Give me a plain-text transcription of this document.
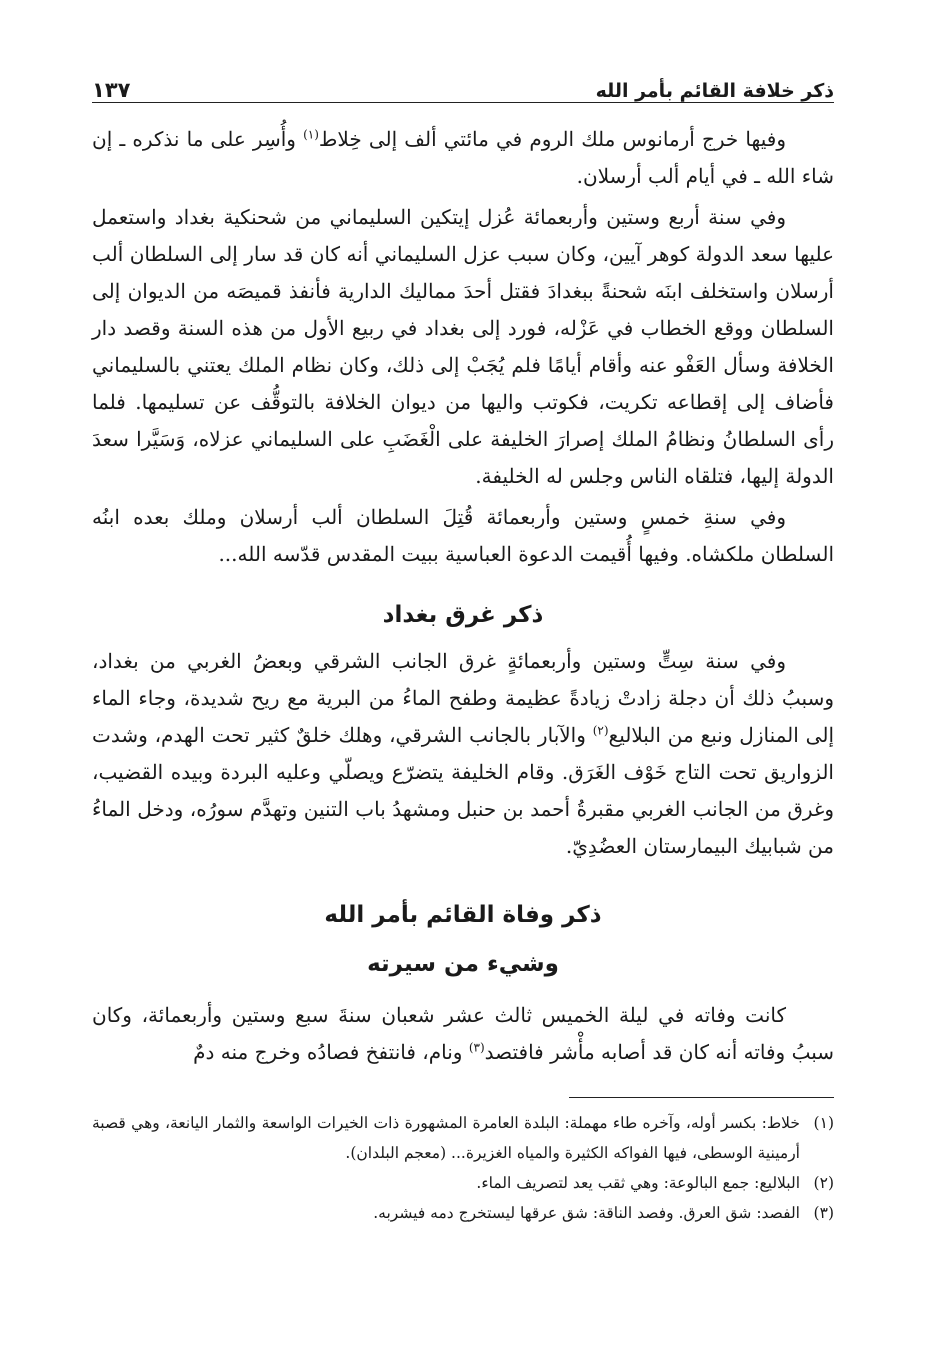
ذكر خلافة القائم بأمر الله
١٣٧

وفيها خرج أرمانوس ملك الروم في مائتي ألف إلى خِلاط$^{(١)}$ وأُسِر على ما نذكره ـ إن شاء الله ـ في أيام ألب أرسلان.

وفي سنة أربع وستين وأربعمائة عُزل إيتكين السليماني من شحنكية بغداد واستعمل عليها سعد الدولة كوهر آيين، وكان سبب عزل السليماني أنه كان قد سار إلى السلطان ألب أرسلان واستخلف ابنَه شحنةً ببغدادَ فقتل أحدَ مماليك الدارية فأنفذ قميصَه من الديوان إلى السلطان ووقع الخطاب في عَزْله، فورد إلى بغداد في ربيع الأول من هذه السنة وقصد دار الخلافة وسأل العَفْو عنه وأقام أيامًا فلم يُجَبْ إلى ذلك، وكان نظام الملك يعتني بالسليماني فأضاف إلى إقطاعه تكريت، فكوتب واليها من ديوان الخلافة بالتوقُّف عن تسليمها. فلما رأى السلطانُ ونظامُ الملك إصرارَ الخليفة على الْغَضَبِ على السليماني عزلاه، وَسَيَّرا سعدَ الدولة إليها، فتلقاه الناس وجلس له الخليفة.

وفي سنةِ خمسٍ وستين وأربعمائة قُتِلَ السلطان ألب أرسلان وملك بعده ابنُه السلطان ملكشاه. وفيها أُقيمت الدعوة العباسية ببيت المقدس قدّسه الله...

ذكر غرق بغداد

وفي سنة سِتٍّ وستين وأربعمائةٍ غرق الجانب الشرقي وبعضُ الغربي من بغداد، وسببُ ذلك أن دجلة زادتْ زيادةً عظيمة وطفح الماءُ من البرية مع ريح شديدة، وجاء الماء إلى المنازل ونبع من البلاليع$^{(٢)}$ والآبار بالجانب الشرقي، وهلك خلقٌ كثير تحت الهدم، وشدت الزواريق تحت التاج خَوْف الغَرَق. وقام الخليفة يتضرّع ويصلّي وعليه البردة وبيده القضيب، وغرق من الجانب الغربي مقبرةُ أحمد بن حنبل ومشهدُ باب التنين وتهدَّم سورُه، ودخل الماءُ من شبابيك البيمارستان العضُدِيّ.

ذكر وفاة القائم بأمر الله
وشيء من سيرته

كانت وفاته في ليلة الخميس ثالث عشر شعبان سنةَ سبع وستين وأربعمائة، وكان سببُ وفاته أنه كان قد أصابه مأْشر فافتصد$^{(٣)}$ ونام، فانتفخ فصادُه وخرج منه دمٌ

(١)
خلاط: بكسر أوله، وآخره طاء مهملة: البلدة العامرة المشهورة ذات الخيرات الواسعة والثمار اليانعة، وهي قصبة أرمينية الوسطى، فيها الفواكه الكثيرة والمياه الغزيرة... (معجم البلدان).
(٢)
البلاليع: جمع البالوعة: وهي ثقب يعد لتصريف الماء.
(٣)
الفصد: شق العرق. وفصد الناقة: شق عرقها ليستخرج دمه فيشربه.
